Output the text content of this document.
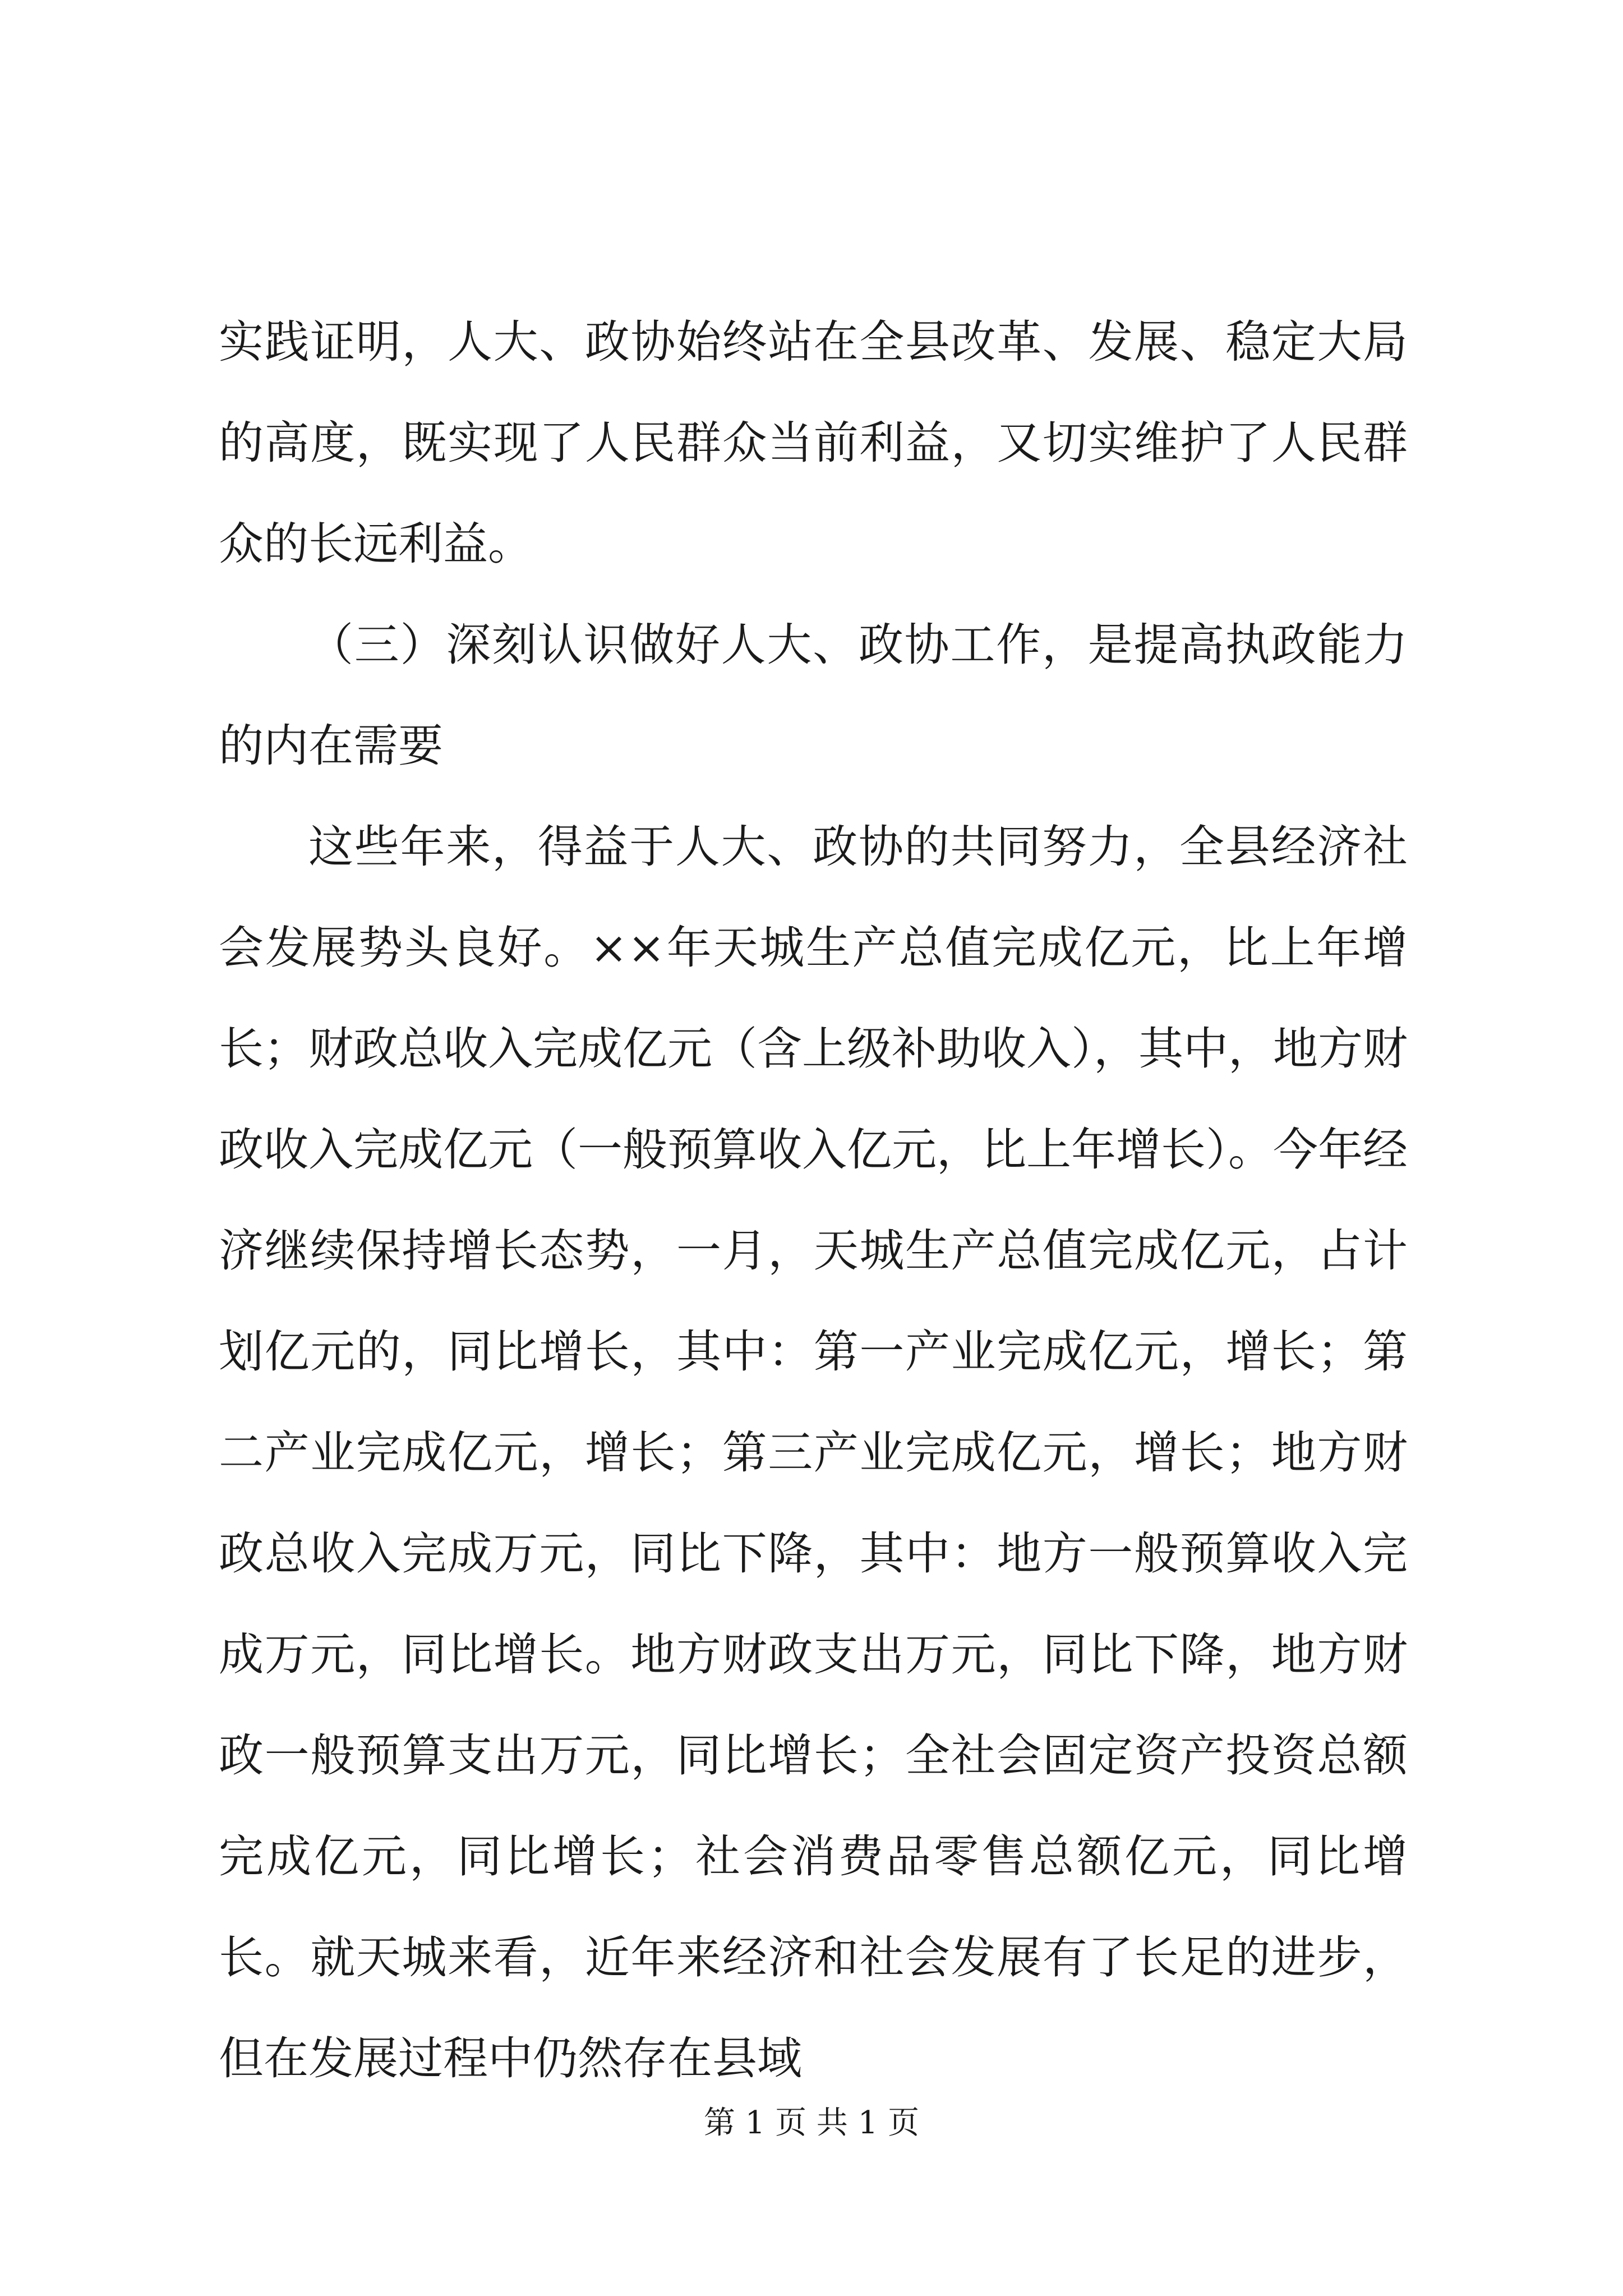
实践证明，人大、政协始终站在全县改革、发展、稳定大局的高度，既实现了人民群众当前利益，又切实维护了人民群众的长远利益。

（三）深刻认识做好人大、政协工作，是提高执政能力的内在需要

这些年来，得益于人大、政协的共同努力，全县经济社会发展势头良好。××年天城生产总值完成亿元，比上年增长；财政总收入完成亿元（含上级补助收入），其中，地方财政收入完成亿元（一般预算收入亿元，比上年增长）。今年经济继续保持增长态势，一月，天城生产总值完成亿元，占计划亿元的，同比增长，其中：第一产业完成亿元，增长；第二产业完成亿元，增长；第三产业完成亿元，增长；地方财政总收入完成万元，同比下降，其中：地方一般预算收入完成万元，同比增长。地方财政支出万元，同比下降，地方财政一般预算支出万元，同比增长；全社会固定资产投资总额完成亿元，同比增长；社会消费品零售总额亿元，同比增长。就天城来看，近年来经济和社会发展有了长足的进步，但在发展过程中仍然存在县域

第 1 页 共 1 页
